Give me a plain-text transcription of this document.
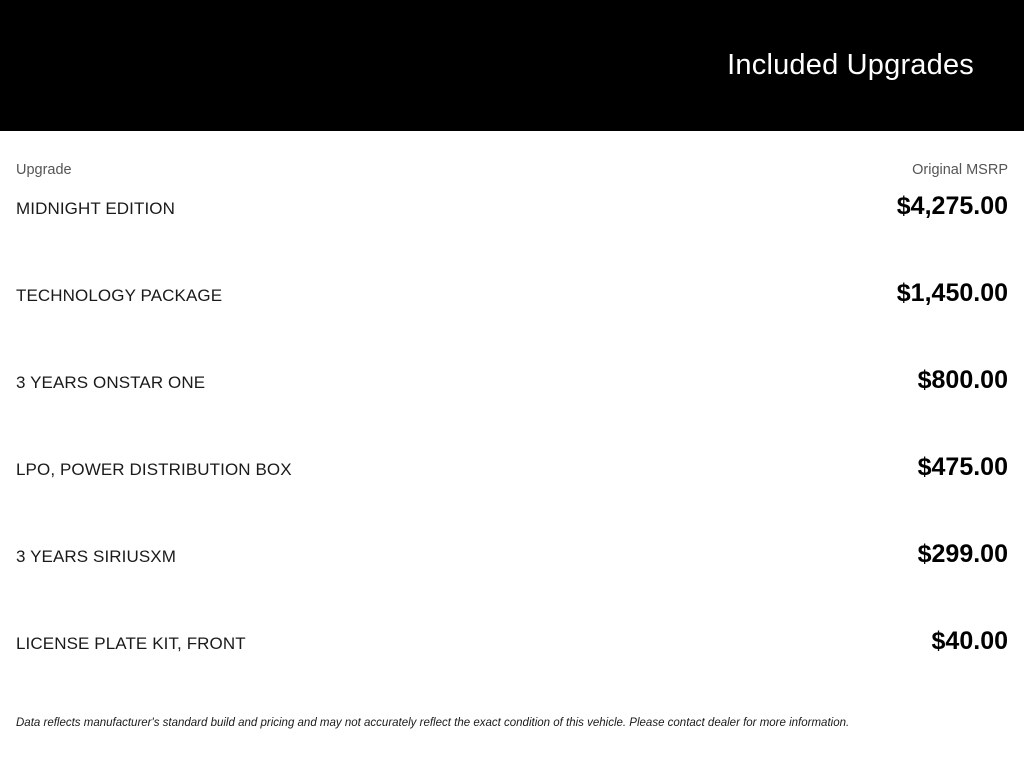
Included Upgrades
Upgrade	Original MSRP
MIDNIGHT EDITION	$4,275.00
TECHNOLOGY PACKAGE	$1,450.00
3 YEARS ONSTAR ONE	$800.00
LPO, POWER DISTRIBUTION BOX	$475.00
3 YEARS SIRIUSXM	$299.00
LICENSE PLATE KIT, FRONT	$40.00
Data reflects manufacturer's standard build and pricing and may not accurately reflect the exact condition of this vehicle. Please contact dealer for more information.
